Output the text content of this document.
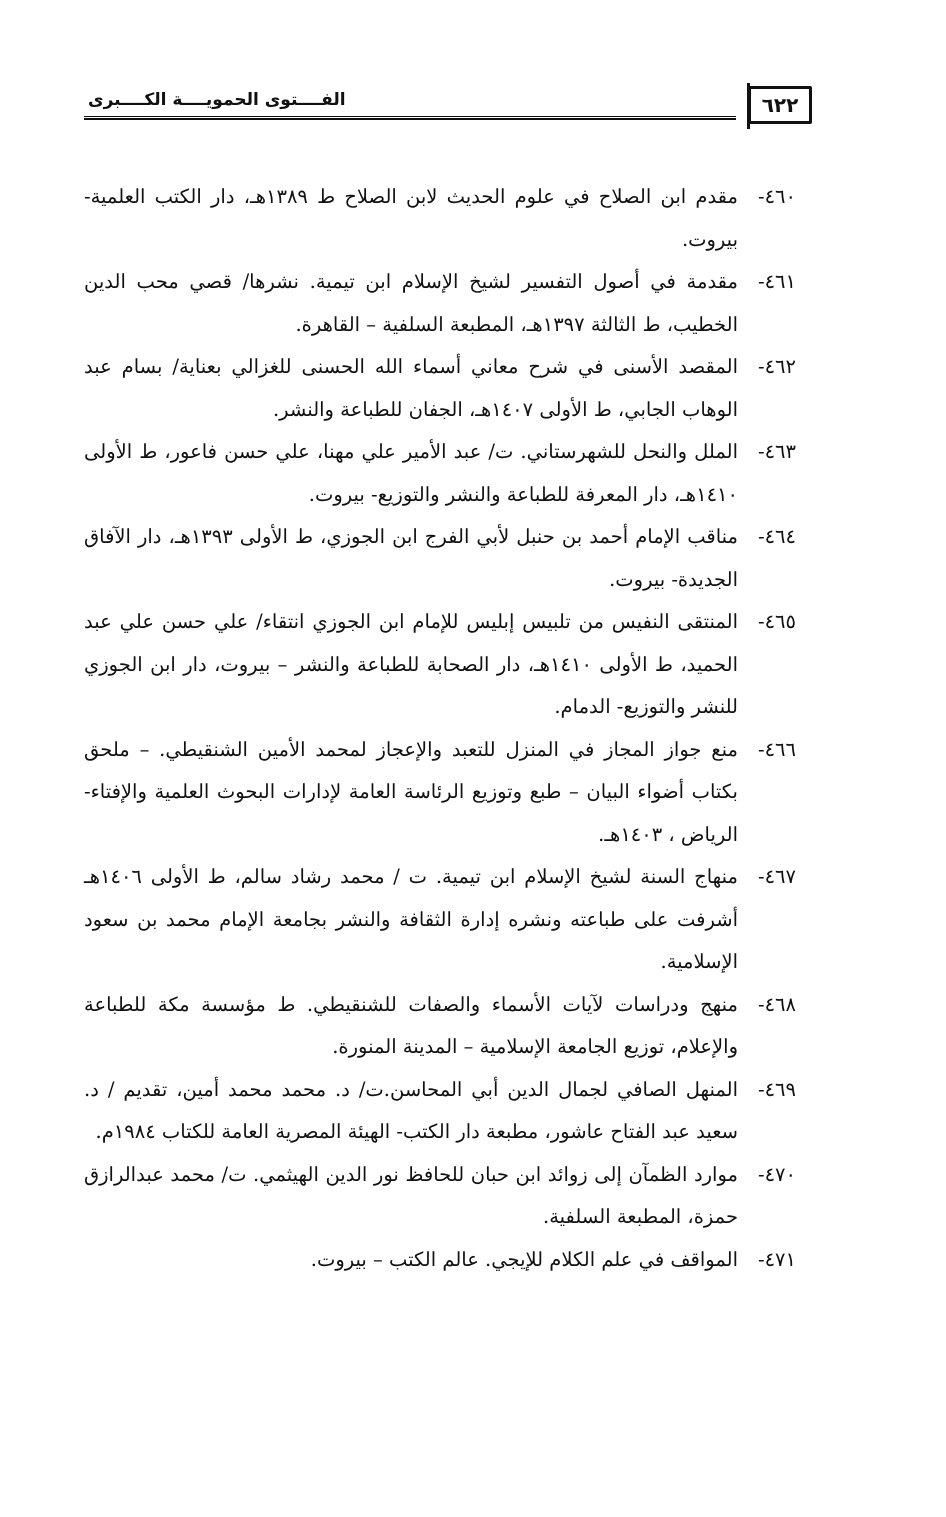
٦٢٢
الفــــتوى الحمويــــة الكــــبرى
٤٦٠-
مقدم ابن الصلاح في علوم الحديث لابن الصلاح ط ١٣٨٩هـ، دار الكتب العلمية- بيروت.
٤٦١-
مقدمة في أصول التفسير لشيخ الإسلام ابن تيمية. نشرها/ قصي محب الدين الخطيب، ط الثالثة ١٣٩٧هـ، المطبعة السلفية – القاهرة.
٤٦٢-
المقصد الأسنى في شرح معاني أسماء الله الحسنى للغزالي بعناية/ بسام عبد الوهاب الجابي، ط الأولى ١٤٠٧هـ، الجفان للطباعة والنشر.
٤٦٣-
الملل والنحل للشهرستاني. ت/ عبد الأمير علي مهنا، علي حسن فاعور، ط الأولى ١٤١٠هـ، دار المعرفة للطباعة والنشر والتوزيع- بيروت.
٤٦٤-
مناقب الإمام أحمد بن حنبل لأبي الفرج ابن الجوزي، ط الأولى ١٣٩٣هـ، دار الآفاق الجديدة- بيروت.
٤٦٥-
المنتقى النفيس من تلبيس إبليس للإمام ابن الجوزي انتقاء/ علي حسن علي عبد الحميد، ط الأولى ١٤١٠هـ، دار الصحابة للطباعة والنشر – بيروت، دار ابن الجوزي للنشر والتوزيع- الدمام.
٤٦٦-
منع جواز المجاز في المنزل للتعبد والإعجاز لمحمد الأمين الشنقيطي. – ملحق بكتاب أضواء البيان – طبع وتوزيع الرئاسة العامة لإدارات البحوث العلمية والإفتاء- الرياض ، ١٤٠٣هـ.
٤٦٧-
منهاج السنة لشيخ الإسلام ابن تيمية. ت / محمد رشاد سالم، ط الأولى ١٤٠٦هـ أشرفت على طباعته ونشره إدارة الثقافة والنشر بجامعة الإمام محمد بن سعود الإسلامية.
٤٦٨-
منهج ودراسات لآيات الأسماء والصفات للشنقيطي. ط مؤسسة مكة للطباعة والإعلام، توزيع الجامعة الإسلامية – المدينة المنورة.
٤٦٩-
المنهل الصافي لجمال الدين أبي المحاسن.ت/ د. محمد محمد أمين، تقديم / د. سعيد عبد الفتاح عاشور، مطبعة دار الكتب- الهيئة المصرية العامة للكتاب ١٩٨٤م.
٤٧٠-
موارد الظمآن إلى زوائد ابن حبان للحافظ نور الدين الهيثمي. ت/ محمد عبدالرازق حمزة، المطبعة السلفية.
٤٧١-
المواقف في علم الكلام للإيجي. عالم الكتب – بيروت.
